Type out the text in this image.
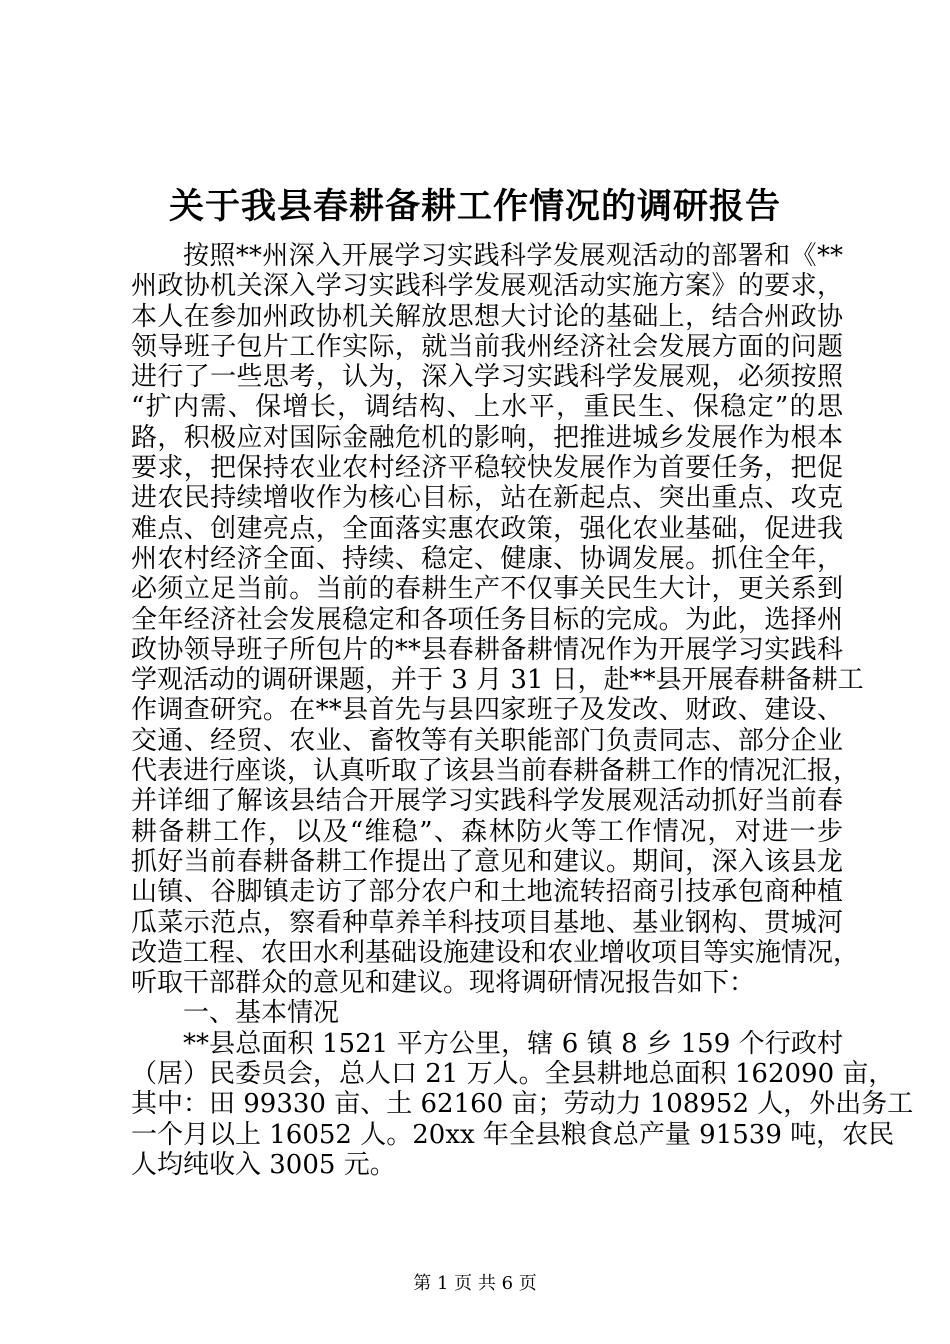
关于我县春耕备耕工作情况的调研报告
按照**州深入开展学习实践科学发展观活动的部署和《**
州政协机关深入学习实践科学发展观活动实施方案》的要求，
本人在参加州政协机关解放思想大讨论的基础上，结合州政协
领导班子包片工作实际，就当前我州经济社会发展方面的问题
进行了一些思考，认为，深入学习实践科学发展观，必须按照
“扩内需、保增长，调结构、上水平，重民生、保稳定”的思
路，积极应对国际金融危机的影响，把推进城乡发展作为根本
要求，把保持农业农村经济平稳较快发展作为首要任务，把促
进农民持续增收作为核心目标，站在新起点、突出重点、攻克
难点、创建亮点，全面落实惠农政策，强化农业基础，促进我
州农村经济全面、持续、稳定、健康、协调发展。抓住全年，
必须立足当前。当前的春耕生产不仅事关民生大计，更关系到
全年经济社会发展稳定和各项任务目标的完成。为此，选择州
政协领导班子所包片的**县春耕备耕情况作为开展学习实践科
学观活动的调研课题，并于 3 月 31 日，赴**县开展春耕备耕工
作调查研究。在**县首先与县四家班子及发改、财政、建设、
交通、经贸、农业、畜牧等有关职能部门负责同志、部分企业
代表进行座谈，认真听取了该县当前春耕备耕工作的情况汇报，
并详细了解该县结合开展学习实践科学发展观活动抓好当前春
耕备耕工作，以及“维稳”、森林防火等工作情况，对进一步
抓好当前春耕备耕工作提出了意见和建议。期间，深入该县龙
山镇、谷脚镇走访了部分农户和土地流转招商引技承包商种植
瓜菜示范点，察看种草养羊科技项目基地、基业钢构、贯城河
改造工程、农田水利基础设施建设和农业增收项目等实施情况，
听取干部群众的意见和建议。现将调研情况报告如下：
一、基本情况
**县总面积 1521 平方公里，辖 6 镇 8 乡 159 个行政村
（居）民委员会，总人口 21 万人。全县耕地总面积 162090 亩，
其中：田 99330 亩、土 62160 亩；劳动力 108952 人，外出务工
一个月以上 16052 人。20xx 年全县粮食总产量 91539 吨，农民
人均纯收入 3005 元。
第 1 页 共 6 页
